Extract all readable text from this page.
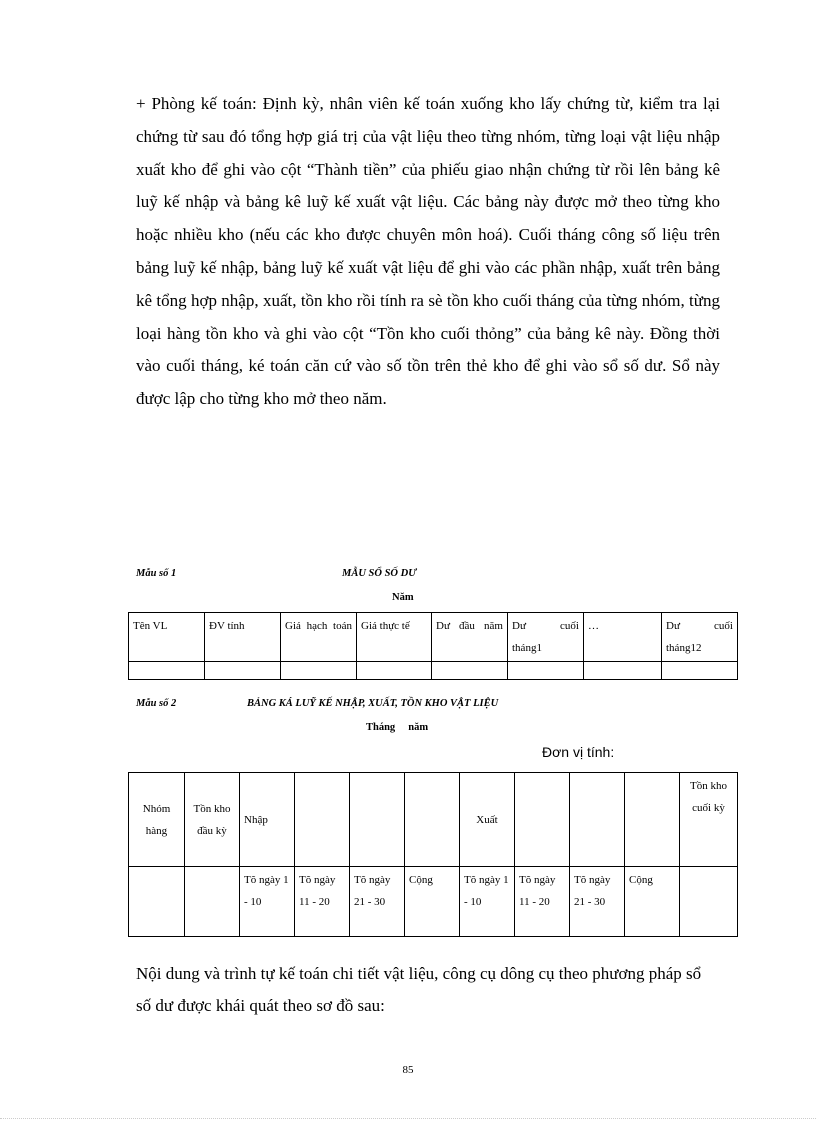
+ Phòng kế toán: Định kỳ, nhân viên kế toán xuống kho lấy chứng từ, kiểm tra lại chứng từ sau đó tổng hợp giá trị của vật liệu theo từng nhóm, từng loại vật liệu nhập xuất kho để ghi vào cột “Thành tiền” của phiếu giao nhận chứng từ rồi lên bảng kê luỹ kế nhập và bảng kê luỹ kế xuất vật liệu. Các bảng này được mở theo từng kho hoặc nhiều kho (nếu các kho được chuyên môn hoá). Cuối tháng công số liệu trên bảng luỹ kế nhập, bảng luỹ kế xuất vật liệu để ghi vào các phần nhập, xuất trên bảng kê tổng hợp nhập, xuất, tồn kho rồi tính ra sè tồn kho cuối tháng của từng nhóm, từng loại hàng tồn kho và ghi vào cột “Tồn kho cuối thỏng” của bảng kê này. Đồng thời vào cuối tháng, ké toán căn cứ vào số tồn trên thẻ kho để ghi vào sổ số dư. Sổ này được lập cho từng kho mở theo năm.

Mẫu số 1	MẪU SỔ SỐ DƯ
Năm
Tên VL	ĐV tính	Giá hạch toán	Giá thực tế	Dư đầu năm	Dư cuối tháng1	…	Dư cuối tháng12

Mẫu số 2	BẢNG KÁ LUỸ KẾ NHẬP, XUẤT, TỒN KHO VẬT LIỆU
Tháng     năm
Đơn vị tính:
Nhóm hàng	Tồn kho đầu kỳ	Nhập				Xuất				Tồn kho cuối kỳ
		Tõ ngày 1 - 10	Tõ ngày 11 - 20	Tõ ngày 21 - 30	Cộng	Tõ ngày 1 - 10	Tõ ngày 11 - 20	Tõ ngày 21 - 30	Cộng	

Nội dung và trình tự kế toán chi tiết vật liệu, công cụ dông cụ theo phương pháp sổ số dư được khái quát theo sơ đồ sau:

85
